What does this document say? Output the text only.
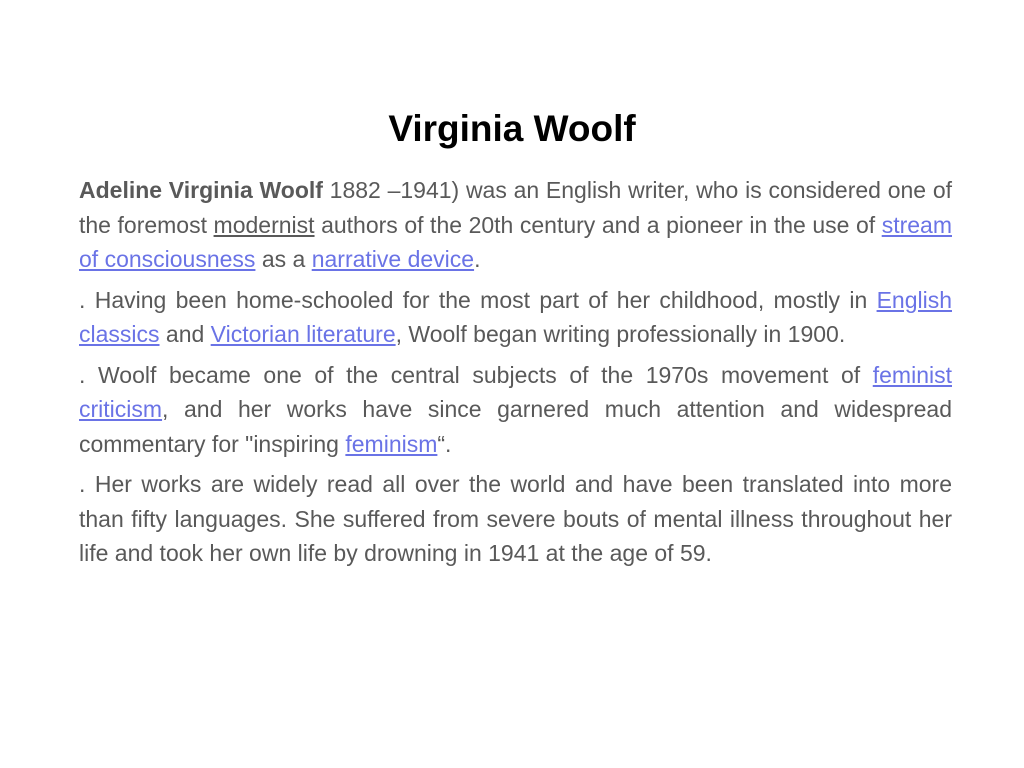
Virginia Woolf

Adeline Virginia Woolf 1882 –1941) was an English writer, who is considered one of the foremost modernist authors of the 20th century and a pioneer in the use of stream of consciousness as a narrative device.

. Having been home-schooled for the most part of her childhood, mostly in English classics and Victorian literature, Woolf began writing professionally in 1900.

. Woolf became one of the central subjects of the 1970s movement of feminist criticism, and her works have since garnered much attention and widespread commentary for "inspiring feminism“.

. Her works are widely read all over the world and have been translated into more than fifty languages. She suffered from severe bouts of mental illness throughout her life and took her own life by drowning in 1941 at the age of 59.
